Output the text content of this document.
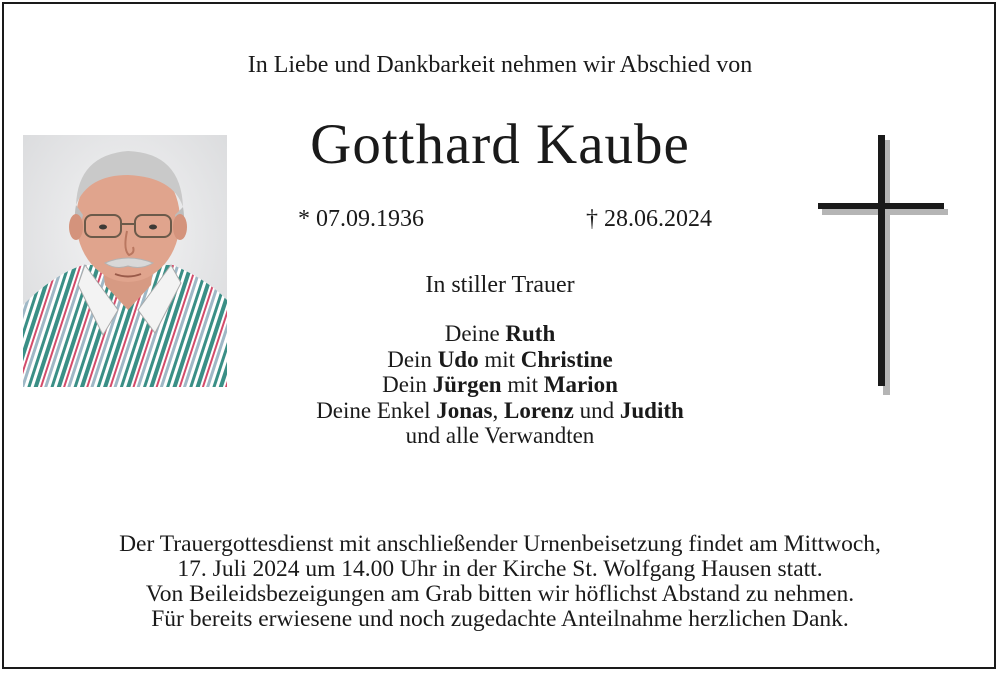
In Liebe und Dankbarkeit nehmen wir Abschied von
Gotthard Kaube
* 07.09.1936	† 28.06.2024
In stiller Trauer
Deine Ruth
Dein Udo mit Christine
Dein Jürgen mit Marion
Deine Enkel Jonas, Lorenz und Judith
und alle Verwandten
Der Trauergottesdienst mit anschließender Urnenbeisetzung findet am Mittwoch,
17. Juli 2024 um 14.00 Uhr in der Kirche St. Wolfgang Hausen statt.
Von Beileidsbezeigungen am Grab bitten wir höflichst Abstand zu nehmen.
Für bereits erwiesene und noch zugedachte Anteilnahme herzlichen Dank.
